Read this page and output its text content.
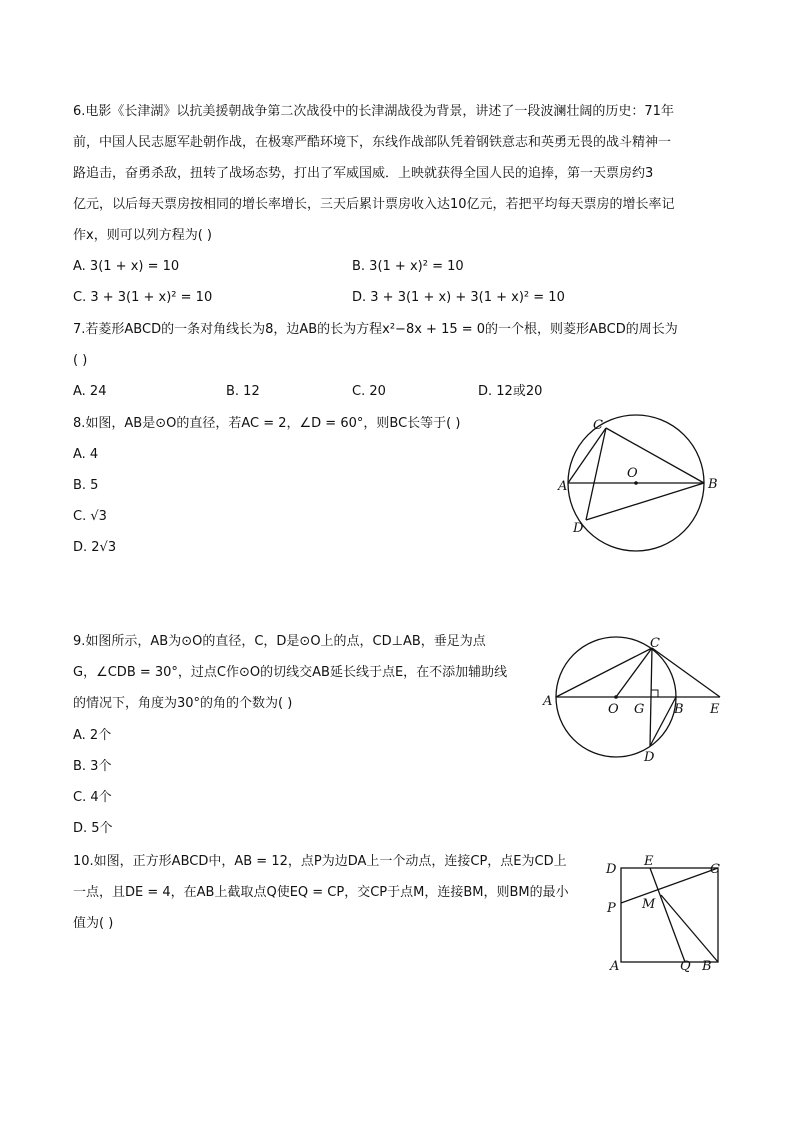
6.电影《长津湖》以抗美援朝战争第二次战役中的长津湖战役为背景，讲述了一段波澜壮阔的历史：71年
前，中国人民志愿军赴朝作战，在极寒严酷环境下，东线作战部队凭着钢铁意志和英勇无畏的战斗精神一
路追击，奋勇杀敌，扭转了战场态势，打出了军威国威．上映就获得全国人民的追捧，第一天票房约3
亿元，以后每天票房按相同的增长率增长，三天后累计票房收入达10亿元，若把平均每天票房的增长率记
作x，则可以列方程为( )
A. 3(1 + x) = 10	B. 3(1 + x)² = 10
C. 3 + 3(1 + x)² = 10	D. 3 + 3(1 + x) + 3(1 + x)² = 10
7.若菱形ABCD的一条对角线长为8，边AB的长为方程x²−8x + 15 = 0的一个根，则菱形ABCD的周长为
( )
A. 24	B. 12	C. 20	D. 12或20
8.如图，AB是⊙O的直径，若AC = 2，∠D = 60°，则BC长等于( )
A. 4
B. 5
C. √3
D. 2√3
C
O
A	B
D
9.如图所示，AB为⊙O的直径，C，D是⊙O上的点，CD⊥AB，垂足为点
G，∠CDB = 30°，过点C作⊙O的切线交AB延长线于点E，在不添加辅助线
的情况下，角度为30°的角的个数为( )
A. 2个
B. 3个
C. 4个
D. 5个
C
A
O G B E
D
10.如图，正方形ABCD中，AB = 12，点P为边DA上一个动点，连接CP，点E为CD上
一点，且DE = 4，在AB上截取点Q使EQ = CP，交CP于点M，连接BM，则BM的最小
值为( )
D
E
C
P M
A	Q B
